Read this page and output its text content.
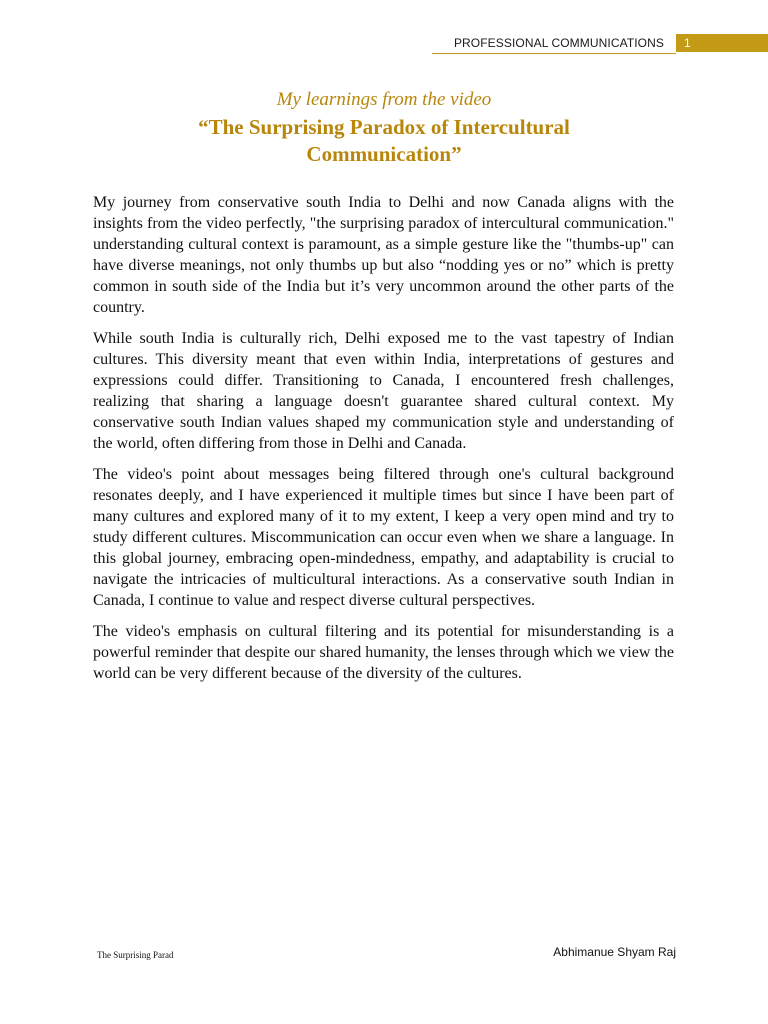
PROFESSIONAL COMMUNICATIONS 1
My learnings from the video
“The Surprising Paradox of Intercultural Communication”

My journey from conservative south India to Delhi and now Canada aligns with the insights from the video perfectly, "the surprising paradox of intercultural communication." understanding cultural context is paramount, as a simple gesture like the "thumbs-up" can have diverse meanings, not only thumbs up but also “nodding yes or no” which is pretty common in south side of the India but it’s very uncommon around the other parts of the country.

While south India is culturally rich, Delhi exposed me to the vast tapestry of Indian cultures. This diversity meant that even within India, interpretations of gestures and expressions could differ. Transitioning to Canada, I encountered fresh challenges, realizing that sharing a language doesn't guarantee shared cultural context. My conservative south Indian values shaped my communication style and understanding of the world, often differing from those in Delhi and Canada.

The video's point about messages being filtered through one's cultural background resonates deeply, and I have experienced it multiple times but since I have been part of many cultures and explored many of it to my extent, I keep a very open mind and try to study different cultures. Miscommunication can occur even when we share a language. In this global journey, embracing open-mindedness, empathy, and adaptability is crucial to navigate the intricacies of multicultural interactions. As a conservative south Indian in Canada, I continue to value and respect diverse cultural perspectives.

The video's emphasis on cultural filtering and its potential for misunderstanding is a powerful reminder that despite our shared humanity, the lenses through which we view the world can be very different because of the diversity of the cultures.

The Surprising Parad	Abhimanue Shyam Raj
